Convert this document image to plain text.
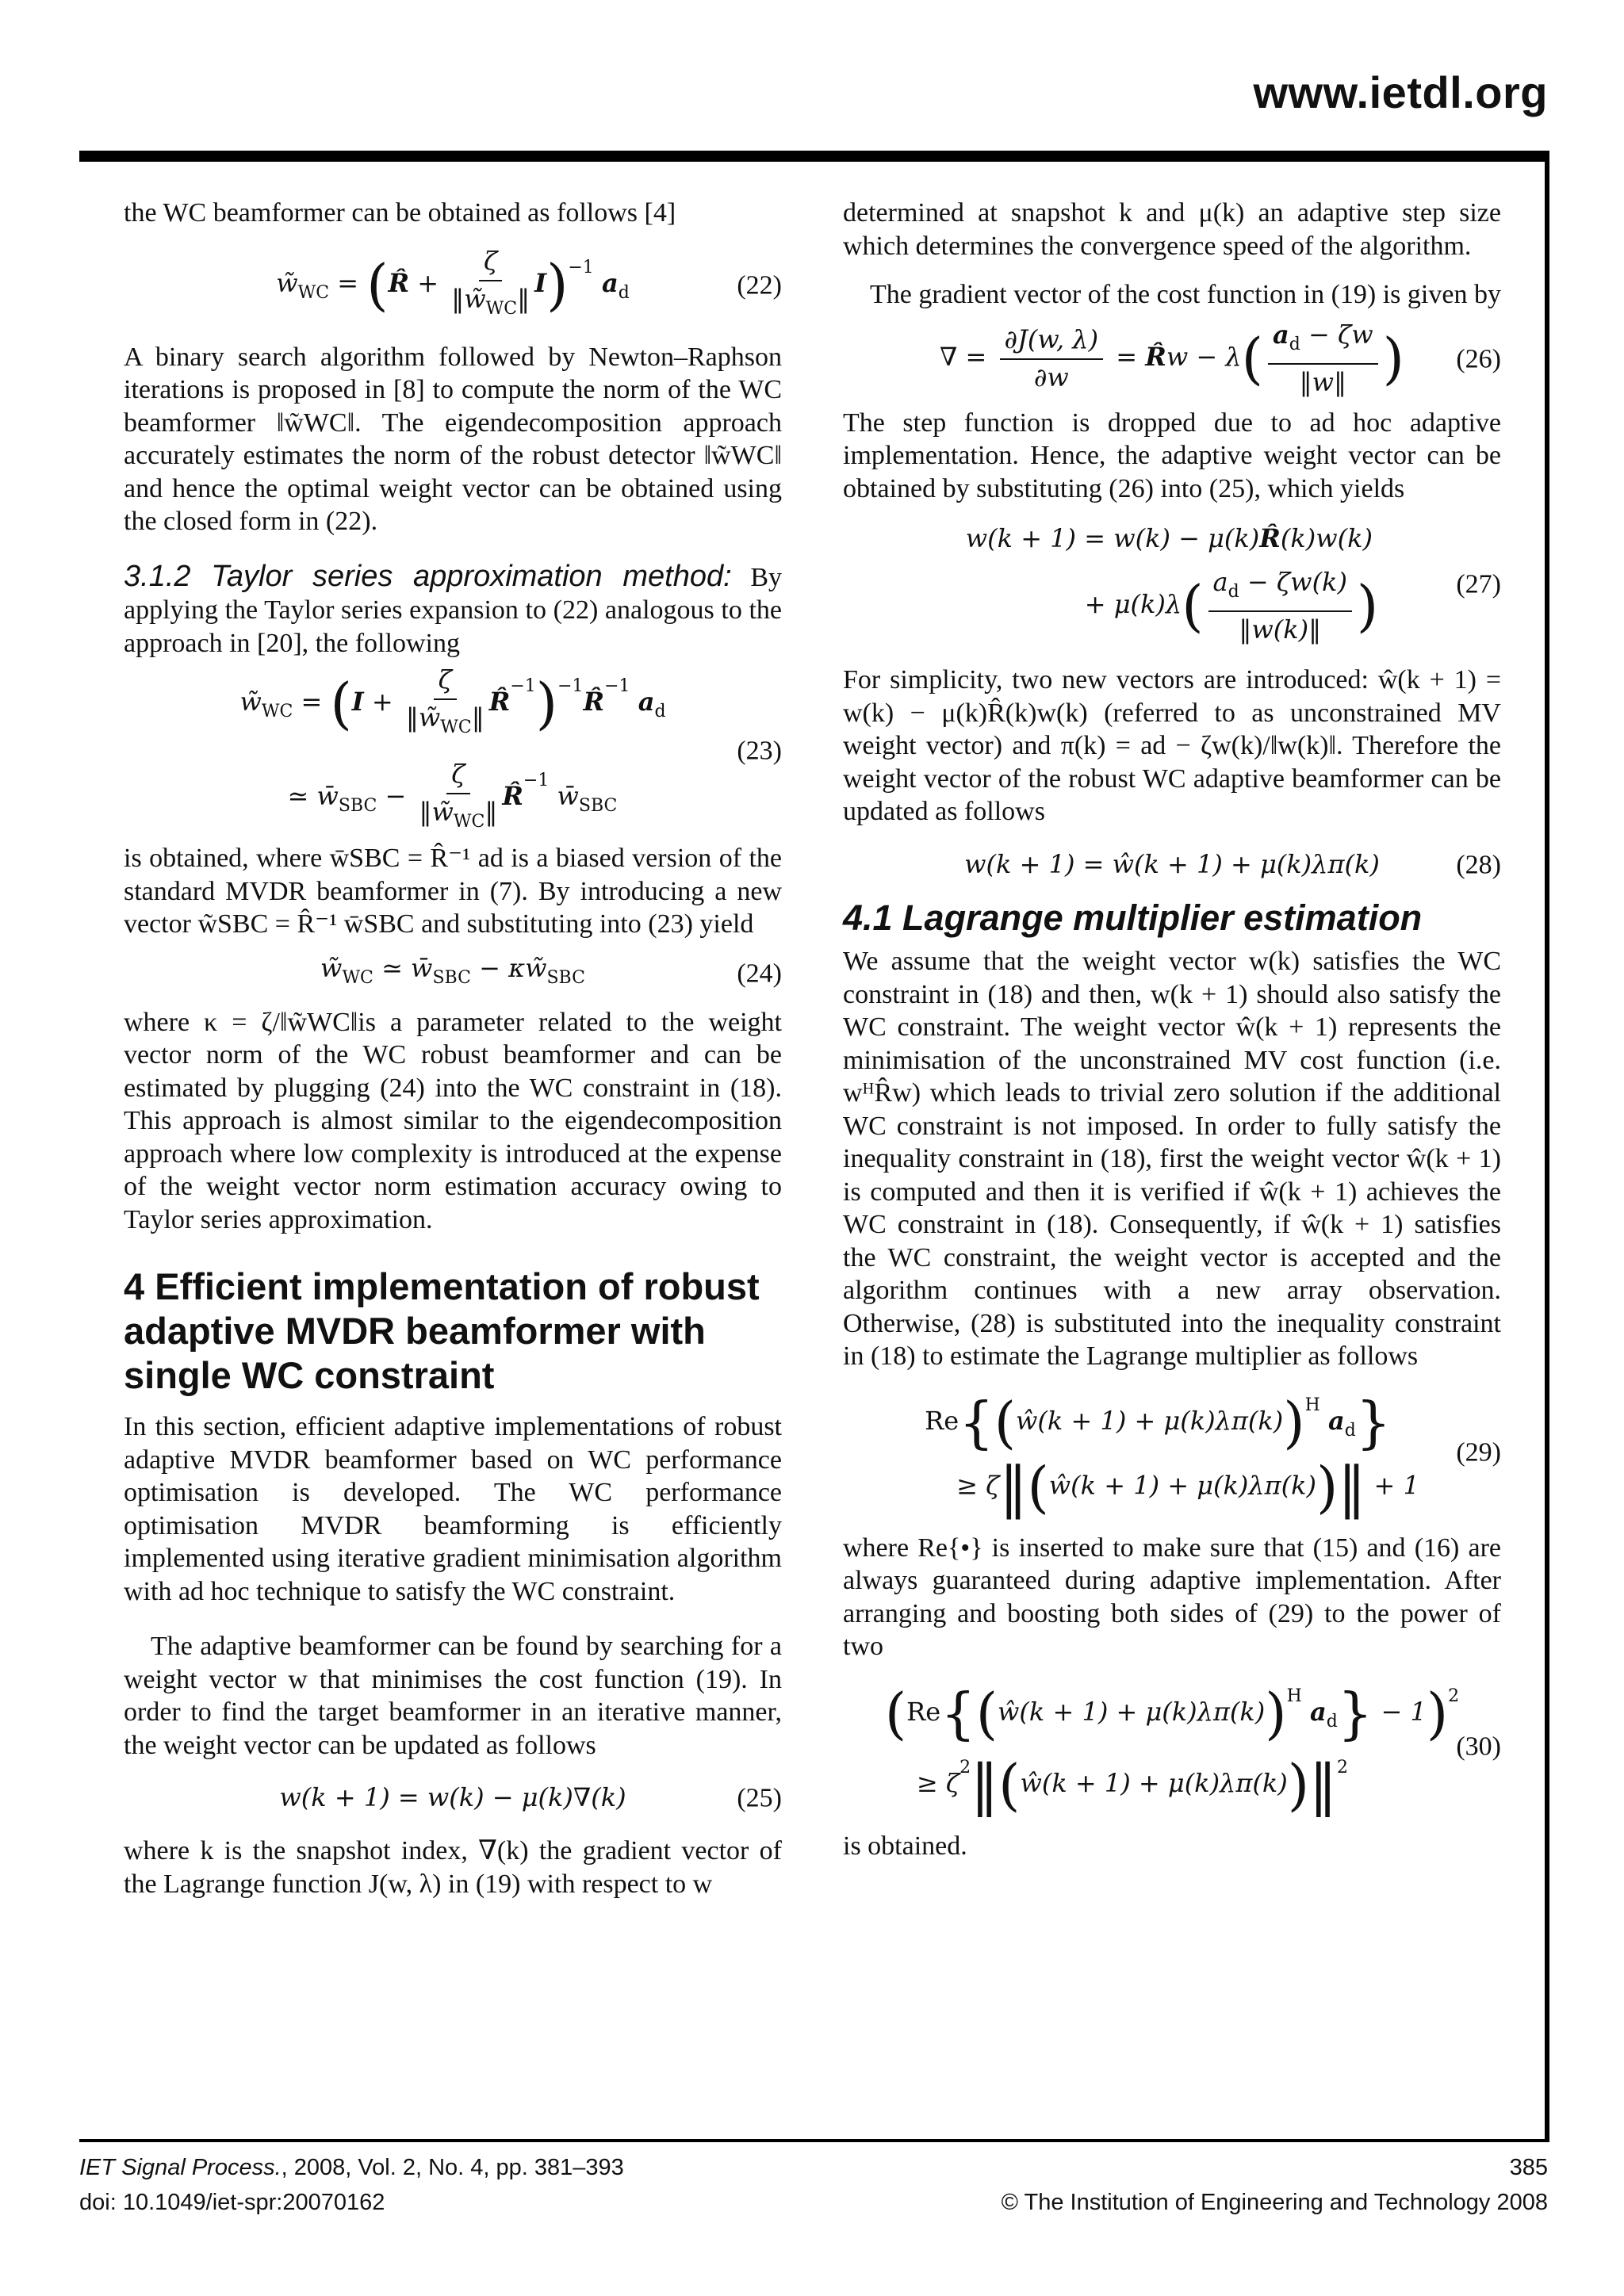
www.ietdl.org

the WC beamformer can be obtained as follows [4]

$w̃_{WC}$ = (R̂ + $\frac{\zeta}{‖w̃_{WC}‖} I)^{-1}$ $a_d$	(22)

A binary search algorithm followed by Newton–Raphson iterations is proposed in [8] to compute the norm of the WC beamformer ‖w̃WC‖. The eigendecomposition approach accurately estimates the norm of the robust detector ‖w̃WC‖ and hence the optimal weight vector can be obtained using the closed form in (22).

3.1.2 Taylor series approximation method: By applying the Taylor series expansion to (22) analogous to the approach in [20], the following

$w̃_{WC} = (I + \frac{\zeta}{‖w̃_{WC}‖}$ R̂$^{-1}$)$^{-1}$R̂$^{-1}$ $a_d$
≃ $w̄_{SBC} - \frac{\zeta}{‖w̃_{WC}‖}$ R̂$^{-1}$ $w̄_{SBC}$
(23)

is obtained, where w̄SBC = R̂⁻¹ ad is a biased version of the standard MVDR beamformer in (7). By introducing a new vector w̃SBC = R̂⁻¹ w̄SBC and substituting into (23) yield

$w̃_{WC}$ ≃ $w̄_{SBC}$ − $\kappa w̃_{SBC}$	(24)

where κ = ζ/‖w̃WC‖is a parameter related to the weight vector norm of the WC robust beamformer and can be estimated by plugging (24) into the WC constraint in (18). This approach is almost similar to the eigendecomposition approach where low complexity is introduced at the expense of the weight vector norm estimation accuracy owing to Taylor series approximation.

4 Efficient implementation of robust adaptive MVDR beamformer with single WC constraint

In this section, efficient adaptive implementations of robust adaptive MVDR beamformer based on WC performance optimisation is developed. The WC performance optimisation MVDR beamforming is efficiently implemented using iterative gradient minimisation algorithm with ad hoc technique to satisfy the WC constraint.

The adaptive beamformer can be found by searching for a weight vector w that minimises the cost function (19). In order to find the target beamformer in an iterative manner, the weight vector can be updated as follows

w(k + 1) = w(k) − μ(k)∇(k)	(25)

where k is the snapshot index, ∇(k) the gradient vector of the Lagrange function J(w, λ) in (19) with respect to w

determined at snapshot k and μ(k) an adaptive step size which determines the convergence speed of the algorithm.

The gradient vector of the cost function in (19) is given by

∇ = $\frac{\partial J(w, \lambda)}{\partial w}$ = R̂w − $\lambda( \frac{a_d - \zeta w}{‖w‖}$ ) (26)

The step function is dropped due to ad hoc adaptive implementation. Hence, the adaptive weight vector can be obtained by substituting (26) into (25), which yields

w(k + 1) = w(k) − μ(k)R̂(k)w(k)
+ $\mu(k)\lambda( \frac{a_d - \zeta w(k)}{‖w(k)‖}$ )	(27)

For simplicity, two new vectors are introduced: ŵ(k + 1) = w(k) − μ(k)R̂(k)w(k) (referred to as unconstrained MV weight vector) and π(k) = ad − ζw(k)/‖w(k)‖. Therefore the weight vector of the robust WC adaptive beamformer can be updated as follows

w(k + 1) = ŵ(k + 1) + μ(k)λπ(k)	(28)
4.1 Lagrange multiplier estimation

We assume that the weight vector w(k) satisfies the WC constraint in (18) and then, w(k + 1) should also satisfy the WC constraint. The weight vector ŵ(k + 1) represents the minimisation of the unconstrained MV cost function (i.e. wᴴR̂w) which leads to trivial zero solution if the additional WC constraint is not imposed. In order to fully satisfy the inequality constraint in (18), first the weight vector ŵ(k + 1) is computed and then it is verified if ŵ(k + 1) achieves the WC constraint in (18). Consequently, if ŵ(k + 1) satisfies the WC constraint, the weight vector is accepted and the algorithm continues with a new array observation. Otherwise, (28) is substituted into the inequality constraint in (18) to estimate the Lagrange multiplier as follows

Re{(ŵ(k + 1) + μ(k)λπ(k))$^H$ $a_d$}
≥ ζ‖(ŵ(k + 1) + μ(k)λπ(k))‖ + 1
(29)

where Re{•} is inserted to make sure that (15) and (16) are always guaranteed during adaptive implementation. After arranging and boosting both sides of (29) to the power of two

(Re{(ŵ(k + 1) + μ(k)λπ(k))$^H$ $a_d\} - 1)^2$
≥ $\zeta^2‖(ŵ(k + 1)$ + μ(k)λπ(k))‖$^2$
(30)

is obtained.

IET Signal Process., 2008, Vol. 2, No. 4, pp. 381–393
doi: 10.1049/iet-spr:20070162
385
© The Institution of Engineering and Technology 2008
